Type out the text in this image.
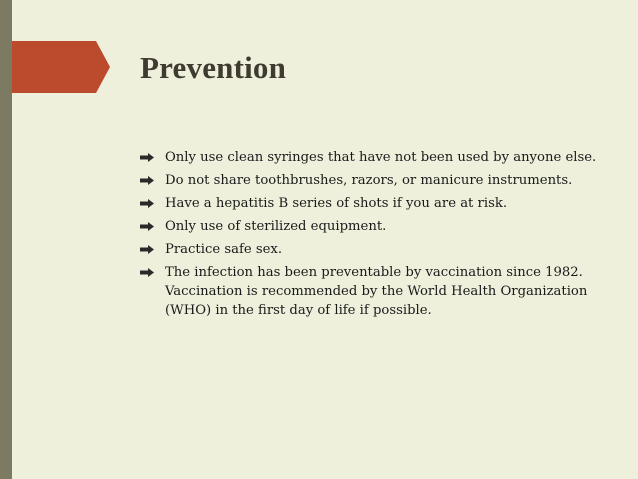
Prevention
Only use clean syringes that have not been used by anyone else.
Do not share toothbrushes, razors, or manicure instruments.
Have a hepatitis B series of shots if you are at risk.
Only use of sterilized equipment.
Practice safe sex.
The infection has been preventable by vaccination since 1982. Vaccination is recommended by the World Health Organization (WHO) in the first day of life if possible.
